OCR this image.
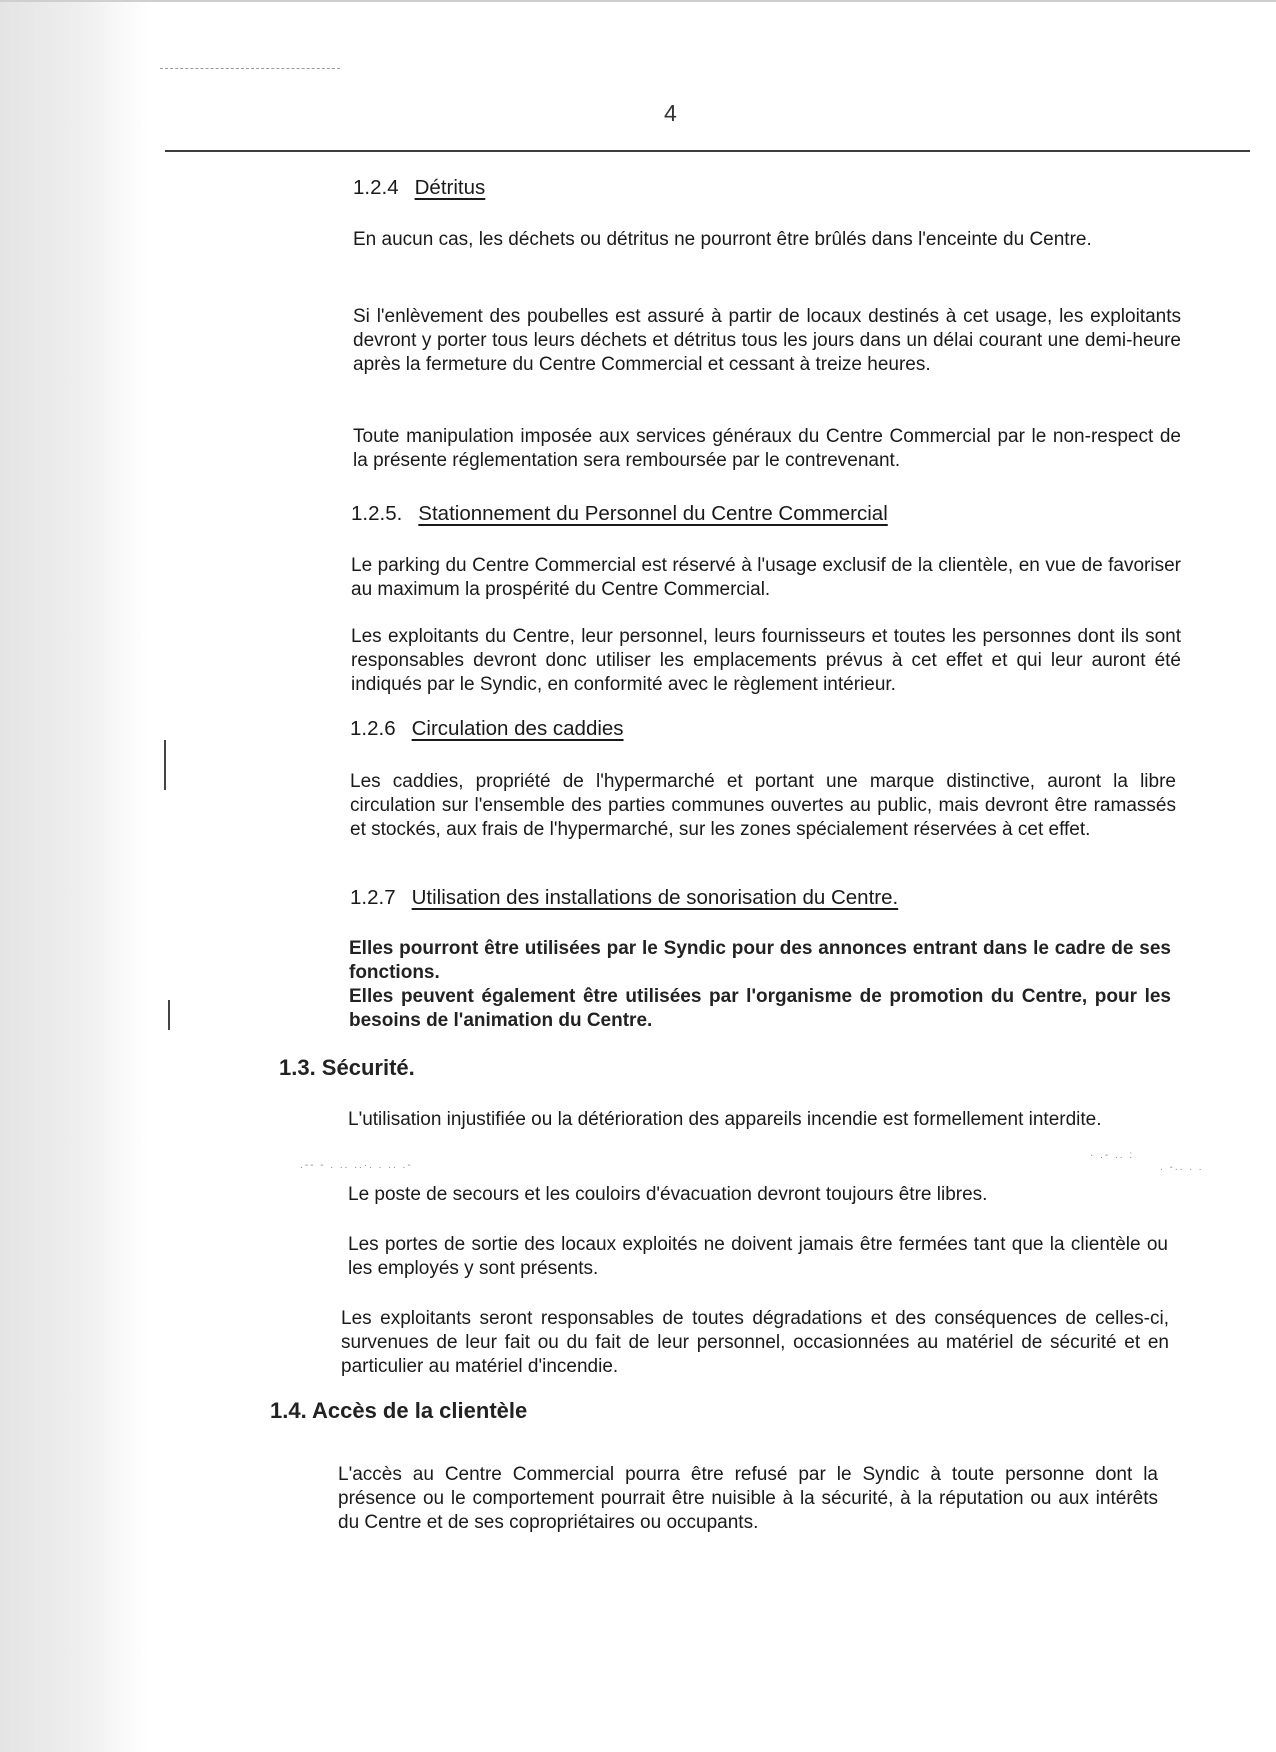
4
.-- - . .. ..·. . .. .-
· .- .. :
. -.. . .
1.2.4 Détritus

En aucun cas, les déchets ou détritus ne pourront être brûlés dans l'enceinte du Centre.

Si l'enlèvement des poubelles est assuré à partir de locaux destinés à cet usage, les exploitants devront y porter tous leurs déchets et détritus tous les jours dans un délai courant une demi-heure après la fermeture du Centre Commercial et cessant à treize heures.

Toute manipulation imposée aux services généraux du Centre Commercial par le non-respect de la présente réglementation sera remboursée par le contrevenant.

1.2.5. Stationnement du Personnel du Centre Commercial

Le parking du Centre Commercial est réservé à l'usage exclusif de la clientèle, en vue de favoriser au maximum la prospérité du Centre Commercial.

Les exploitants du Centre, leur personnel, leurs fournisseurs et toutes les personnes dont ils sont responsables devront donc utiliser les emplacements prévus à cet effet et qui leur auront été indiqués par le Syndic, en conformité avec le règlement intérieur.

1.2.6 Circulation des caddies

Les caddies, propriété de l'hypermarché et portant une marque distinctive, auront la libre circulation sur l'ensemble des parties communes ouvertes au public, mais devront être ramassés et stockés, aux frais de l'hypermarché, sur les zones spécialement réservées à cet effet.

1.2.7 Utilisation des installations de sonorisation du Centre.

Elles pourront être utilisées par le Syndic pour des annonces entrant dans le cadre de ses fonctions.

Elles peuvent également être utilisées par l'organisme de promotion du Centre, pour les besoins de l'animation du Centre.

1.3. Sécurité.

L'utilisation injustifiée ou la détérioration des appareils incendie est formellement interdite.

Le poste de secours et les couloirs d'évacuation devront toujours être libres.

Les portes de sortie des locaux exploités ne doivent jamais être fermées tant que la clientèle ou les employés y sont présents.

Les exploitants seront responsables de toutes dégradations et des conséquences de celles-ci, survenues de leur fait ou du fait de leur personnel, occasionnées au matériel de sécurité et en particulier au matériel d'incendie.

1.4. Accès de la clientèle

L'accès au Centre Commercial pourra être refusé par le Syndic à toute personne dont la présence ou le comportement pourrait être nuisible à la sécurité, à la réputation ou aux intérêts du Centre et de ses copropriétaires ou occupants.
